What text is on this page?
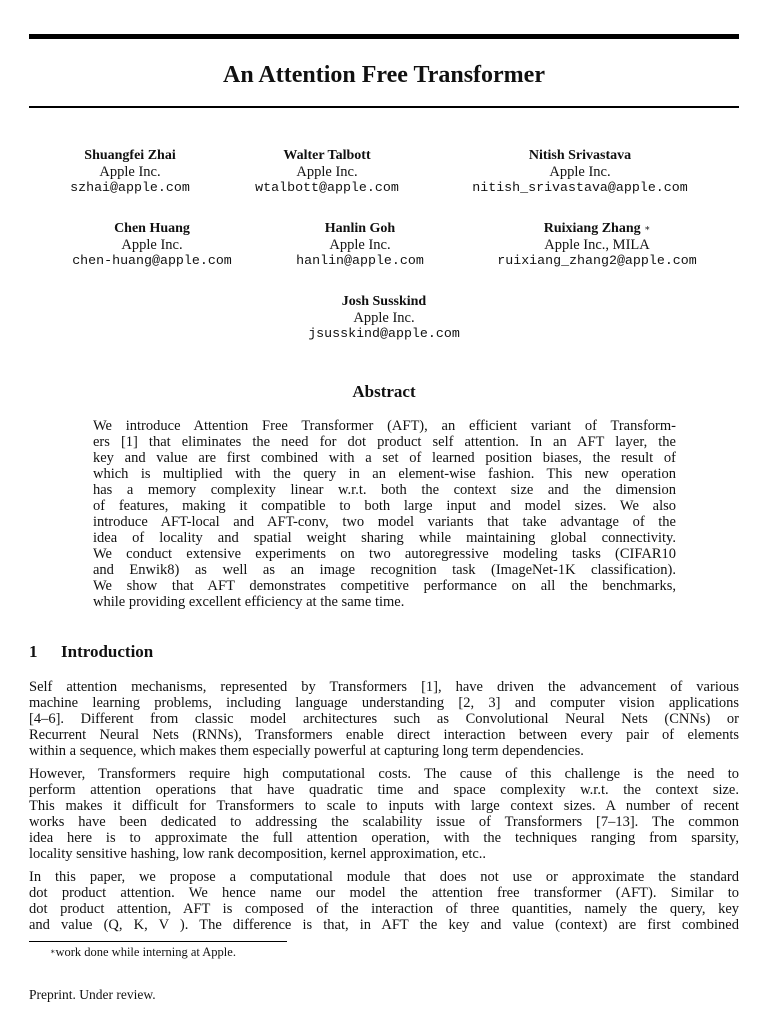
An Attention Free Transformer
Shuangfei Zhai
Apple Inc.
szhai@apple.com
Walter Talbott
Apple Inc.
wtalbott@apple.com
Nitish Srivastava
Apple Inc.
nitish_srivastava@apple.com
Chen Huang
Apple Inc.
chen-huang@apple.com
Hanlin Goh
Apple Inc.
hanlin@apple.com
Ruixiang Zhang ∗
Apple Inc., MILA
ruixiang_zhang2@apple.com
Josh Susskind
Apple Inc.
jsusskind@apple.com
Abstract
We introduce Attention Free Transformer (AFT), an efficient variant of Transform-
ers [1] that eliminates the need for dot product self attention. In an AFT layer, the
key and value are first combined with a set of learned position biases, the result of
which is multiplied with the query in an element-wise fashion. This new operation
has a memory complexity linear w.r.t. both the context size and the dimension
of features, making it compatible to both large input and model sizes. We also
introduce AFT-local and AFT-conv, two model variants that take advantage of the
idea of locality and spatial weight sharing while maintaining global connectivity.
We conduct extensive experiments on two autoregressive modeling tasks (CIFAR10
and Enwik8) as well as an image recognition task (ImageNet-1K classification).
We show that AFT demonstrates competitive performance on all the benchmarks,
while providing excellent efficiency at the same time.
1 Introduction
Self attention mechanisms, represented by Transformers [1], have driven the advancement of various
machine learning problems, including language understanding [2, 3] and computer vision applications
[4–6]. Different from classic model architectures such as Convolutional Neural Nets (CNNs) or
Recurrent Neural Nets (RNNs), Transformers enable direct interaction between every pair of elements
within a sequence, which makes them especially powerful at capturing long term dependencies.
However, Transformers require high computational costs. The cause of this challenge is the need to
perform attention operations that have quadratic time and space complexity w.r.t. the context size.
This makes it difficult for Transformers to scale to inputs with large context sizes. A number of recent
works have been dedicated to addressing the scalability issue of Transformers [7–13]. The common
idea here is to approximate the full attention operation, with the techniques ranging from sparsity,
locality sensitive hashing, low rank decomposition, kernel approximation, etc..
In this paper, we propose a computational module that does not use or approximate the standard
dot product attention. We hence name our model the attention free transformer (AFT). Similar to
dot product attention, AFT is composed of the interaction of three quantities, namely the query, key
and value (Q, K, V ). The difference is that, in AFT the key and value (context) are first combined
∗work done while interning at Apple.
Preprint. Under review.
